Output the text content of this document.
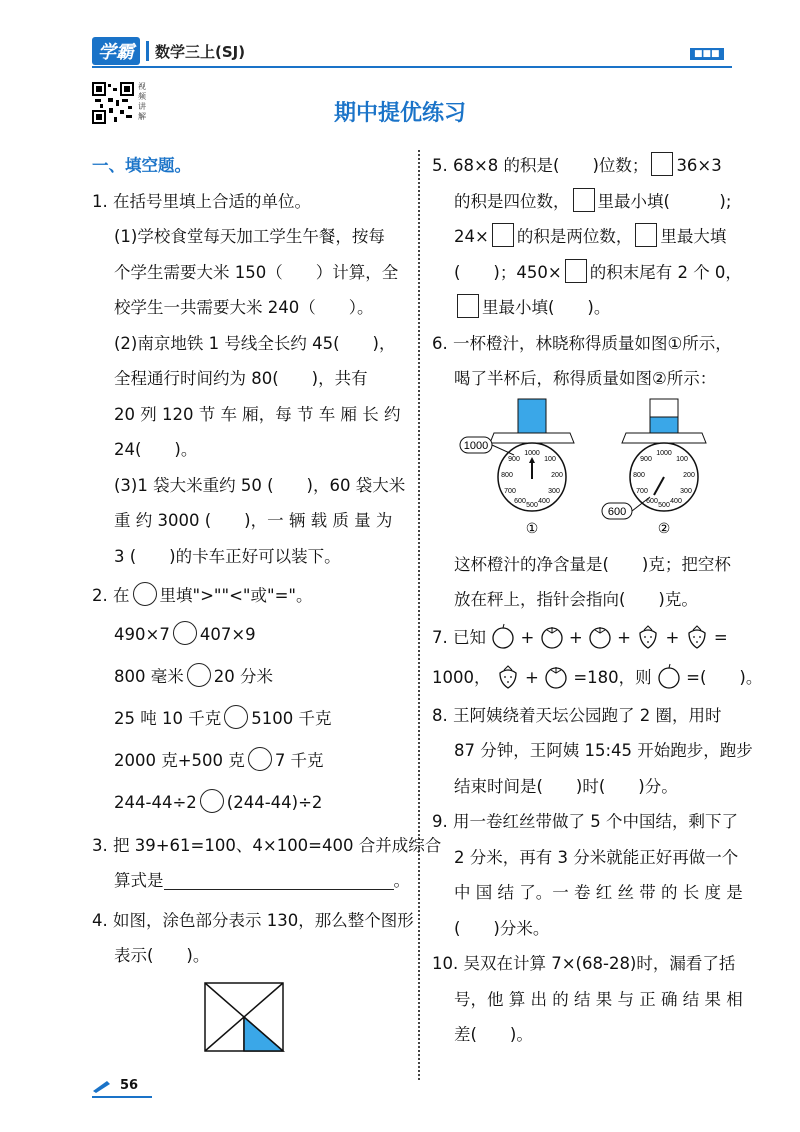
学霸	数学三上(SJ)	■■■
视频讲解	期中提优练习
一、填空题。
1. 在括号里填上合适的单位。
(1)学校食堂每天加工学生午餐，按每
个学生需要大米 150（　　）计算，全
校学生一共需要大米 240（　　）。
(2)南京地铁 1 号线全长约 45(　　)，
全程通行时间约为 80(　　)，共有
20 列 120 节 车 厢，每 节 车 厢 长 约
24(　　)。
(3)1 袋大米重约 50 (　　)，60 袋大米
重 约 3000 (　　)，一 辆 载 质 量 为
3 (　　)的卡车正好可以装下。
2. 在 里填">""<"或"="。
490×7 407×9
800 毫米 20 分米
25 吨 10 千克 5100 千克
2000 克+500 克 7 千克
244-44÷2 (244-44)÷2
3. 把 39+61=100、4×100=400 合并成综合
算式是	。
4. 如图，涂色部分表示 130，那么整个图形
表示(　　)。
5. 68×8 的积是(　　)位数； 36×3
的积是四位数， 里最小填(　　　);
24× 的积是两位数， 里最大填
(　　)；450× 的积末尾有 2 个 0，
里最小填(　　)。
6. 一杯橙汁，林晓称得质量如图①所示，
喝了半杯后，称得质量如图②所示：
1000
100
900
200
800
300
700
400
600
500
1000
①
1000
100
900
200
800
300
700
400
600
500
600
②
这杯橙汁的净含量是(　　)克；把空杯
放在秤上，指针会指向(　　)克。
7. 已知 + + + + =
1000， + =180，则 =(　　)。
8. 王阿姨绕着天坛公园跑了 2 圈，用时
87 分钟，王阿姨 15:45 开始跑步，跑步
结束时间是(　　)时(　　)分。
9. 用一卷红丝带做了 5 个中国结，剩下了
2 分米，再有 3 分米就能正好再做一个
中 国 结 了。一 卷 红 丝 带 的 长 度 是
(　　)分米。
10. 吴双在计算 7×(68-28)时，漏看了括
号，他 算 出 的 结 果 与 正 确 结 果 相
差(　　)。
56
